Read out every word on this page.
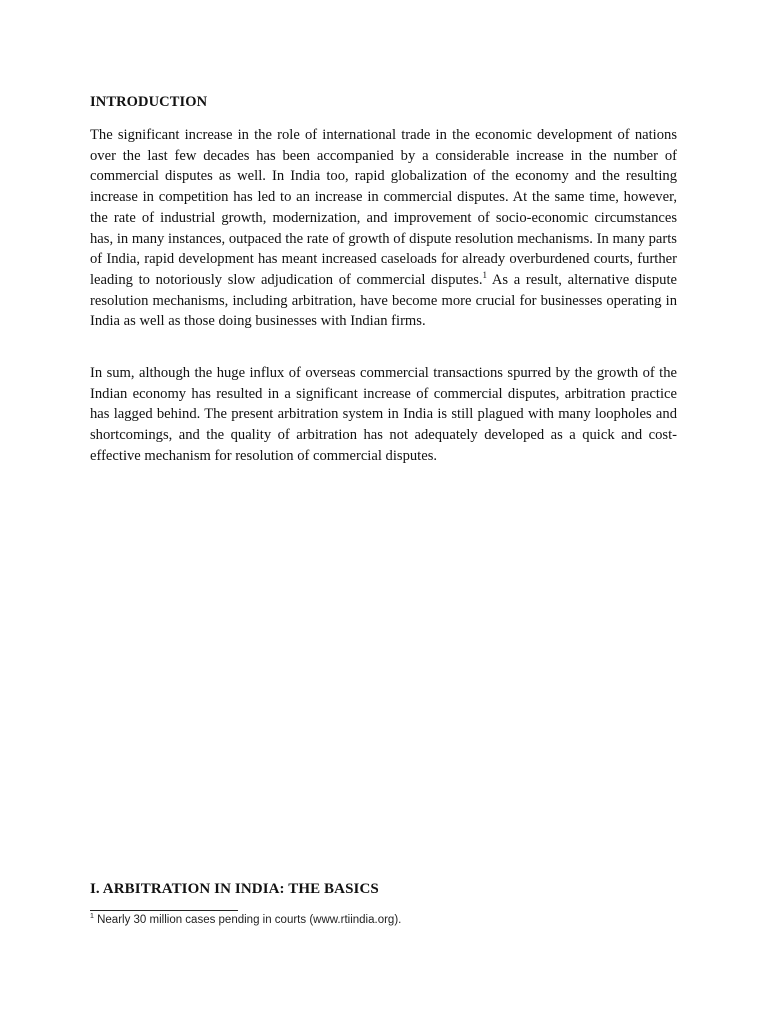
INTRODUCTION
The significant increase in the role of international trade in the economic development of nations over the last few decades has been accompanied by a considerable increase in the number of commercial disputes as well. In India too, rapid globalization of the economy and the resulting increase in competition has led to an increase in commercial disputes. At the same time, however, the rate of industrial growth, modernization, and improvement of socio-economic circumstances has, in many instances, outpaced the rate of growth of dispute resolution mechanisms. In many parts of India, rapid development has meant increased caseloads for already overburdened courts, further leading to notoriously slow adjudication of commercial disputes.$^1$ As a result, alternative dispute resolution mechanisms, including arbitration, have become more crucial for businesses operating in India as well as those doing businesses with Indian firms.
In sum, although the huge influx of overseas commercial transactions spurred by the growth of the Indian economy has resulted in a significant increase of commercial disputes, arbitration practice has lagged behind. The present arbitration system in India is still plagued with many loopholes and shortcomings, and the quality of arbitration has not adequately developed as a quick and cost-effective mechanism for resolution of commercial disputes.
I. ARBITRATION IN INDIA: THE BASICS
$^1$ Nearly 30 million cases pending in courts (www.rtiindia.org).
